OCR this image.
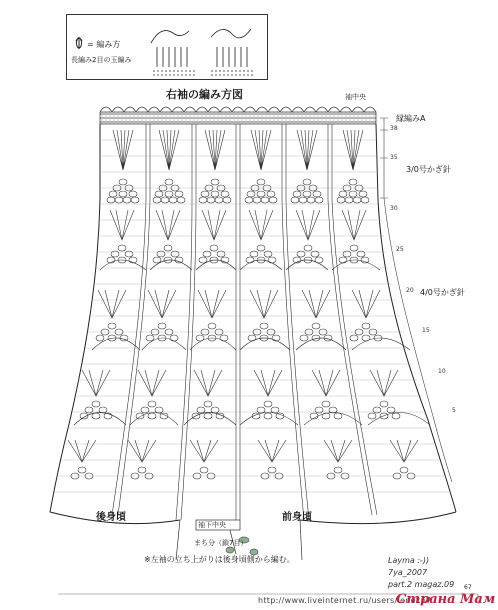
= 編み方
長編み2目の玉編み
右袖の編み方図	袖中央
縁編みA
38
35
30
25
20
15
10
5
3/0号かぎ針
4/0号かぎ針
後身頃	前身頃
袖下中央
まち分（鎖7目）
※左袖の立ち上がりは後身頃側から編む。	Layma :-))
7ya_2007
part.2 magaz.09 67
http://www.liveinternet.ru/users/lenok67
Страна Мам
